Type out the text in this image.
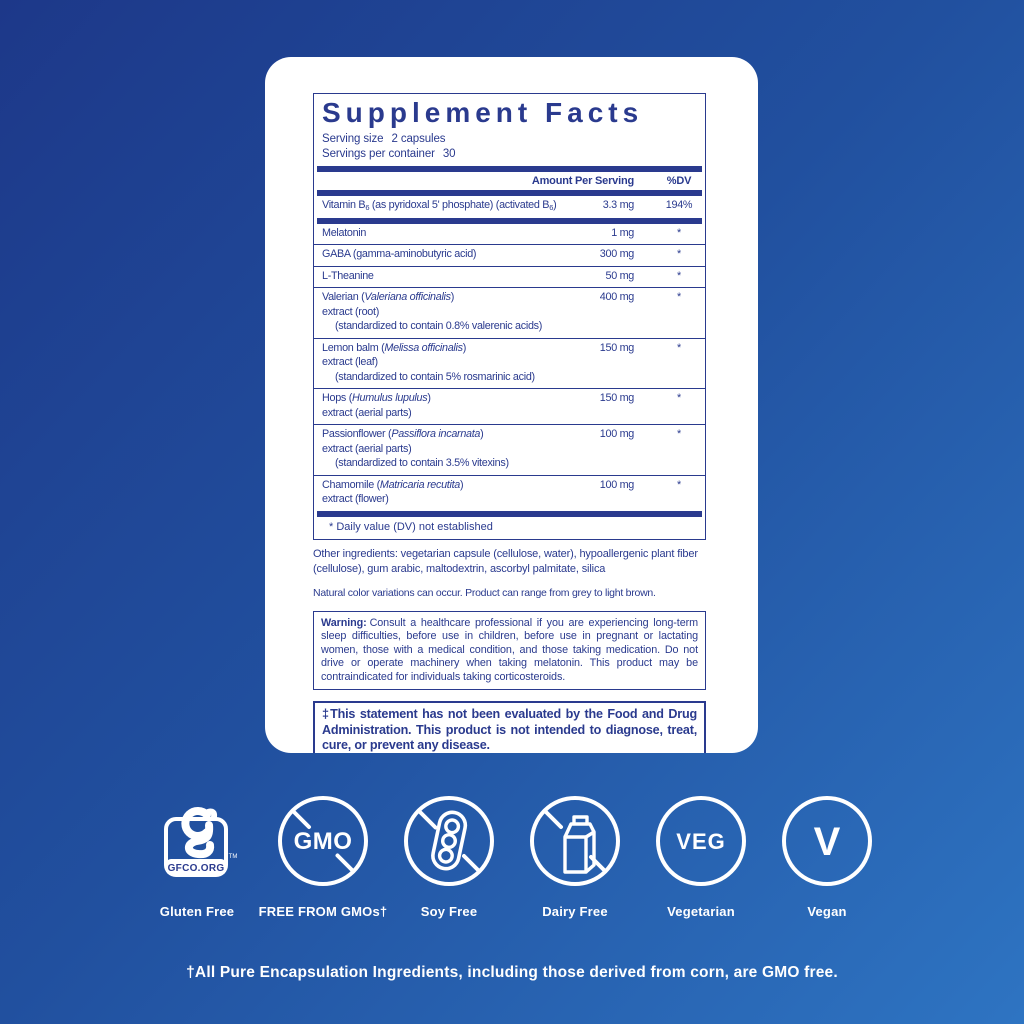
Supplement Facts
Serving size 2 capsules
Servings per container 30
Amount Per Serving	%DV
Vitamin B6 (as pyridoxal 5' phosphate) (activated B6)	3.3 mg	194%
Melatonin	1 mg	*
GABA (gamma-aminobutyric acid)	300 mg	*
L-Theanine	50 mg	*
Valerian (Valeriana officinalis)
extract (root)
(standardized to contain 0.8% valerenic acids)
400 mg	*
Lemon balm (Melissa officinalis)
extract (leaf)
(standardized to contain 5% rosmarinic acid)
150 mg	*
Hops (Humulus lupulus)
extract (aerial parts)
150 mg	*
Passionflower (Passiflora incarnata)
extract (aerial parts)
(standardized to contain 3.5% vitexins)
100 mg	*
Chamomile (Matricaria recutita)
extract (flower)
100 mg	*
* Daily value (DV) not established
Other ingredients: vegetarian capsule (cellulose, water), hypoallergenic plant fiber (cellulose), gum arabic, maltodextrin, ascorbyl palmitate, silica
Natural color variations can occur. Product can range from grey to light brown.
Warning: Consult a healthcare professional if you are experiencing long-term sleep difficulties, before use in children, before use in pregnant or lactating women, those with a medical condition, and those taking medication. Do not drive or operate machinery when taking melatonin. This product may be contraindicated for individuals taking corticosteroids.
‡This statement has not been evaluated by the Food and Drug Administration. This product is not intended to diagnose, treat, cure, or prevent any disease.
GFCO.ORG
TM
Gluten Free
GMO
FREE FROM GMOs†	Soy Free	Dairy Free
VEG
Vegetarian
V
Vegan
†All Pure Encapsulation Ingredients, including those derived from corn, are GMO free.
